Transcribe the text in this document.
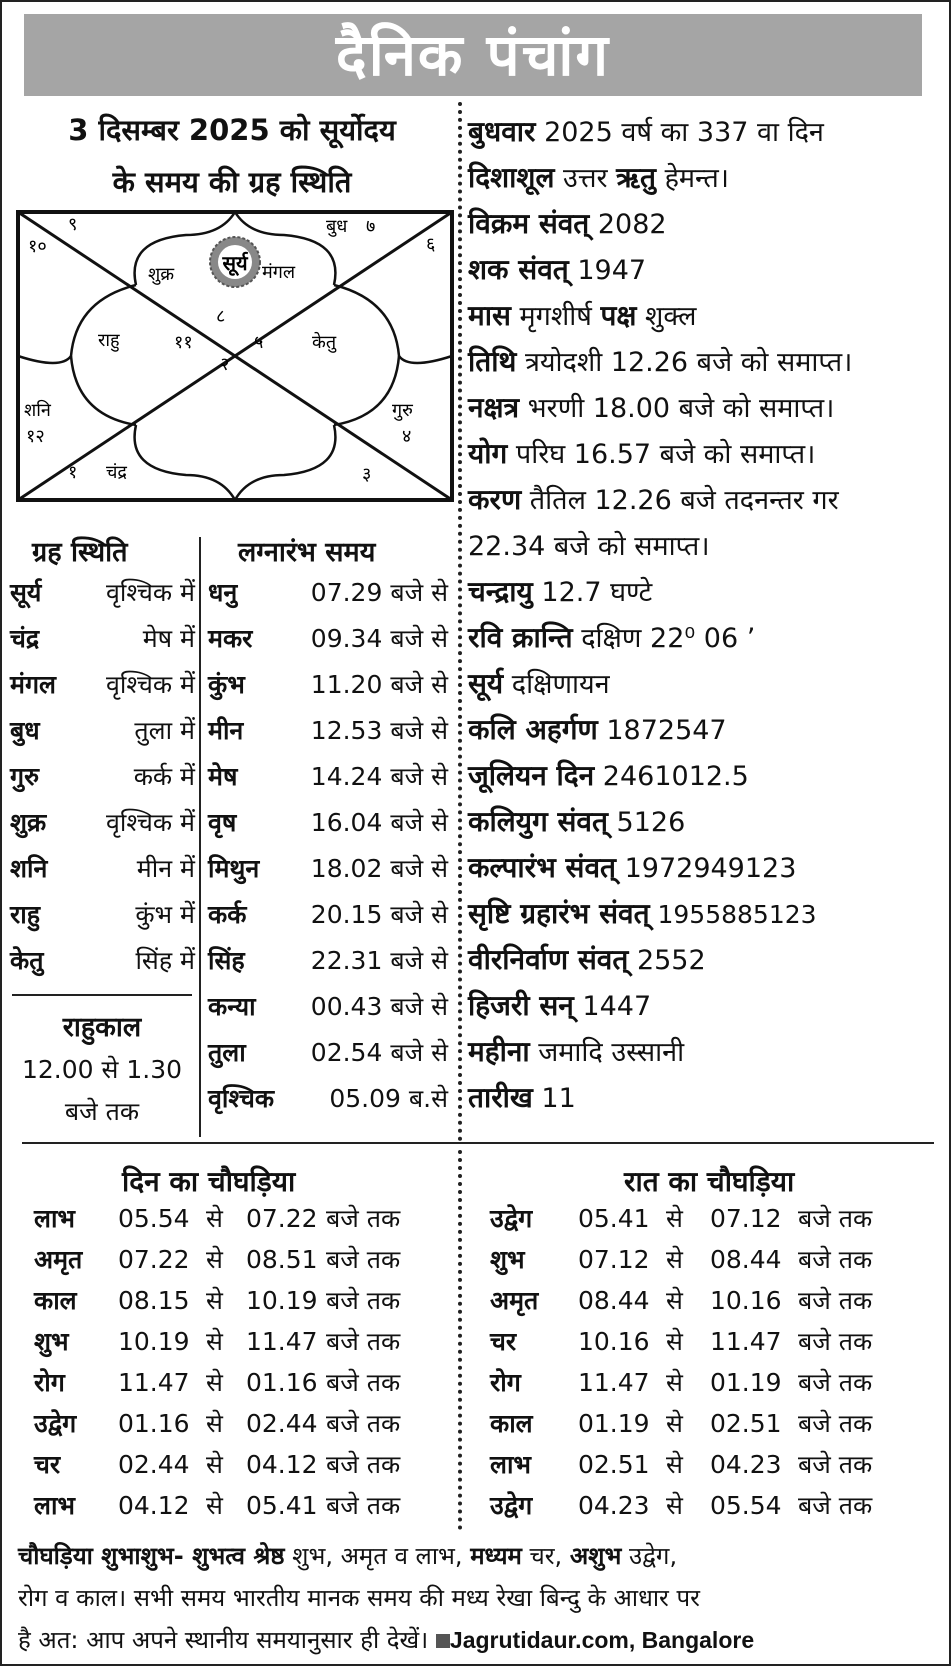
दैनिक पंचांग
3 दिसम्बर 2025 को सूर्योदय
के समय की ग्रह स्थिति
सूर्य
९
१०
बुध ७
६
शुक्र	मंगल
८
राहु	११
२
५	केतु
शनि
१२
गुरु
४
१ चंद्र	३
ग्रह स्थिति	लग्नारंभ समय
सूर्य	वृश्चिक में
चंद्र	मेष में
मंगल वृश्चिक में
बुध	तुला में
गुरु	कर्क में
शुक्र वृश्चिक में
शनि	मीन में
राहु	कुंभ में
केतु	सिंह में
राहुकाल
12.00 से 1.30
बजे तक
धनु	07.29 बजे से
मकर 09.34 बजे से
कुंभ	11.20 बजे से
मीन	12.53 बजे से
मेष	14.24 बजे से
वृष	16.04 बजे से
मिथुन 18.02 बजे से
कर्क	20.15 बजे से
सिंह	22.31 बजे से
कन्या 00.43 बजे से
तुला	02.54 बजे से
वृश्चिक 05.09 ब.से
बुधवार 2025 वर्ष का 337 वा दिन
दिशाशूल उत्तर ऋतु हेमन्त।
विक्रम संवत् 2082
शक संवत् 1947
मास मृगशीर्ष पक्ष शुक्ल
तिथि त्रयोदशी 12.26 बजे को समाप्त।
नक्षत्र भरणी 18.00 बजे को समाप्त।
योग परिघ 16.57 बजे को समाप्त।
करण तैतिल 12.26 बजे तदनन्तर गर
22.34 बजे को समाप्त।
चन्द्रायु 12.7 घण्टे
रवि क्रान्ति दक्षिण 22⁰ 06 ’
सूर्य दक्षिणायन
कलि अहर्गण 1872547
जूलियन दिन 2461012.5
कलियुग संवत् 5126
कल्पारंभ संवत् 1972949123
सृष्टि ग्रहारंभ संवत् 1955885123
वीरनिर्वाण संवत् 2552
हिजरी सन् 1447
महीना जमादि उस्सानी
तारीख 11
दिन का चौघड़िया	रात का चौघड़िया
लाभ 05.54 से 07.22 बजे तक
अमृत 07.22 से 08.51 बजे तक
काल 08.15 से 10.19 बजे तक
शुभ 10.19 से 11.47 बजे तक
रोग 11.47 से 01.16 बजे तक
उद्वेग 01.16 से 02.44 बजे तक
चर 02.44 से 04.12 बजे तक
लाभ 04.12 से 05.41 बजे तक
उद्वेग 05.41 से 07.12 बजे तक
शुभ 07.12 से 08.44 बजे तक
अमृत 08.44 से 10.16 बजे तक
चर 10.16 से 11.47 बजे तक
रोग 11.47 से 01.19 बजे तक
काल 01.19 से 02.51 बजे तक
लाभ 02.51 से 04.23 बजे तक
उद्वेग 04.23 से 05.54 बजे तक
चौघड़िया शुभाशुभ- शुभत्व श्रेष्ठ शुभ, अमृत व लाभ, मध्यम चर, अशुभ उद्वेग,
रोग व काल। सभी समय भारतीय मानक समय की मध्य रेखा बिन्दु के आधार पर
है अत: आप अपने स्थानीय समयानुसार ही देखें। Jagrutidaur.com, Bangalore
